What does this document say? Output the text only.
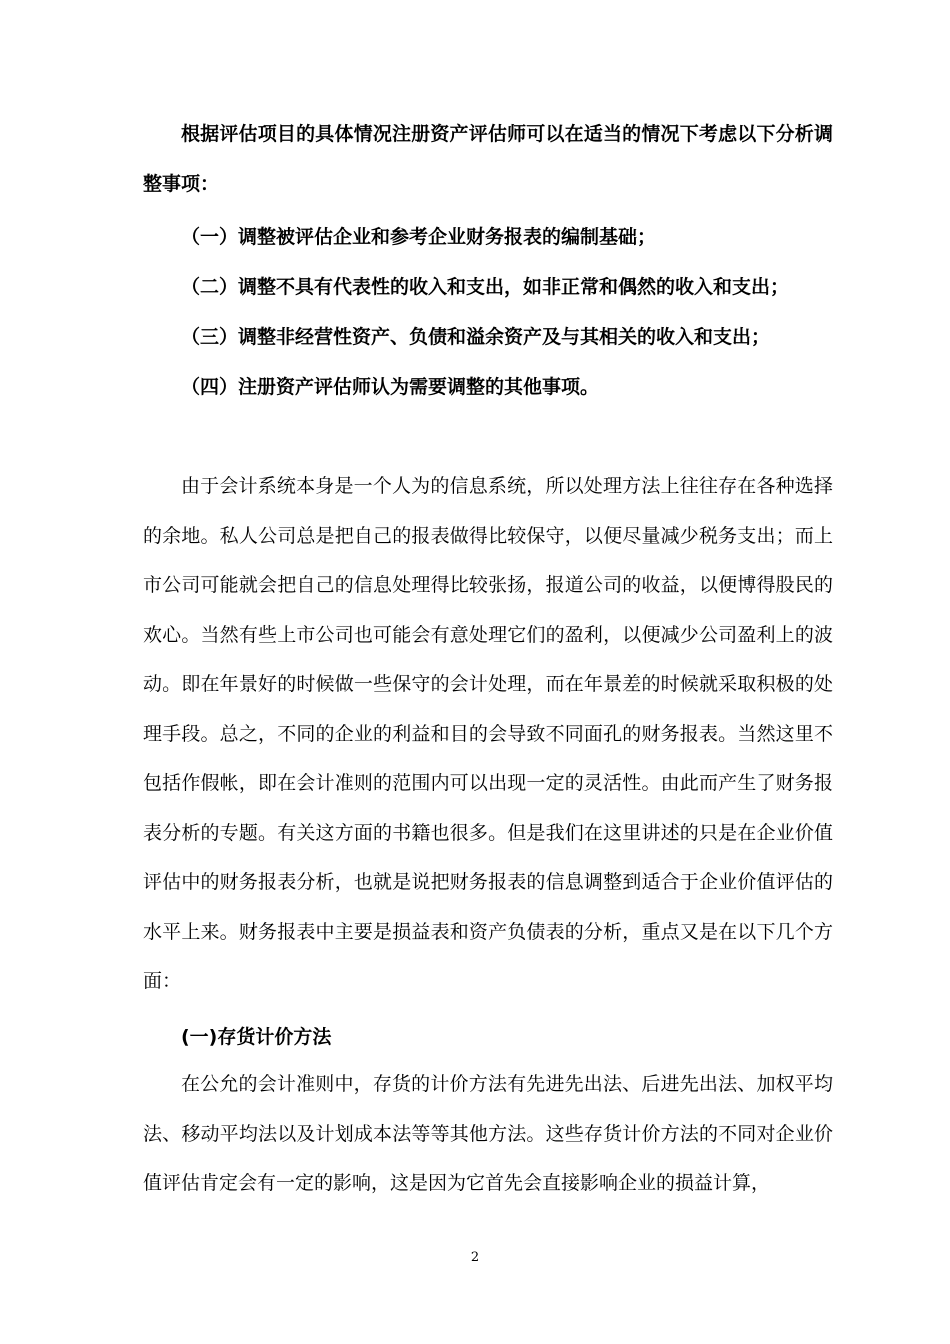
根据评估项目的具体情况注册资产评估师可以在适当的情况下考虑以下分析调整事项：

（一）调整被评估企业和参考企业财务报表的编制基础；

（二）调整不具有代表性的收入和支出，如非正常和偶然的收入和支出；

（三）调整非经营性资产、负债和溢余资产及与其相关的收入和支出；

（四）注册资产评估师认为需要调整的其他事项。

由于会计系统本身是一个人为的信息系统，所以处理方法上往往存在各种选择的余地。私人公司总是把自己的报表做得比较保守，以便尽量减少税务支出；而上市公司可能就会把自己的信息处理得比较张扬，报道公司的收益，以便博得股民的欢心。当然有些上市公司也可能会有意处理它们的盈利，以便减少公司盈利上的波动。即在年景好的时候做一些保守的会计处理，而在年景差的时候就采取积极的处理手段。总之，不同的企业的利益和目的会导致不同面孔的财务报表。当然这里不包括作假帐，即在会计准则的范围内可以出现一定的灵活性。由此而产生了财务报表分析的专题。有关这方面的书籍也很多。但是我们在这里讲述的只是在企业价值评估中的财务报表分析，也就是说把财务报表的信息调整到适合于企业价值评估的水平上来。财务报表中主要是损益表和资产负债表的分析，重点又是在以下几个方面：

(一)存货计价方法

在公允的会计准则中，存货的计价方法有先进先出法、后进先出法、加权平均法、移动平均法以及计划成本法等等其他方法。这些存货计价方法的不同对企业价值评估肯定会有一定的影响，这是因为它首先会直接影响企业的损益计算，

2
